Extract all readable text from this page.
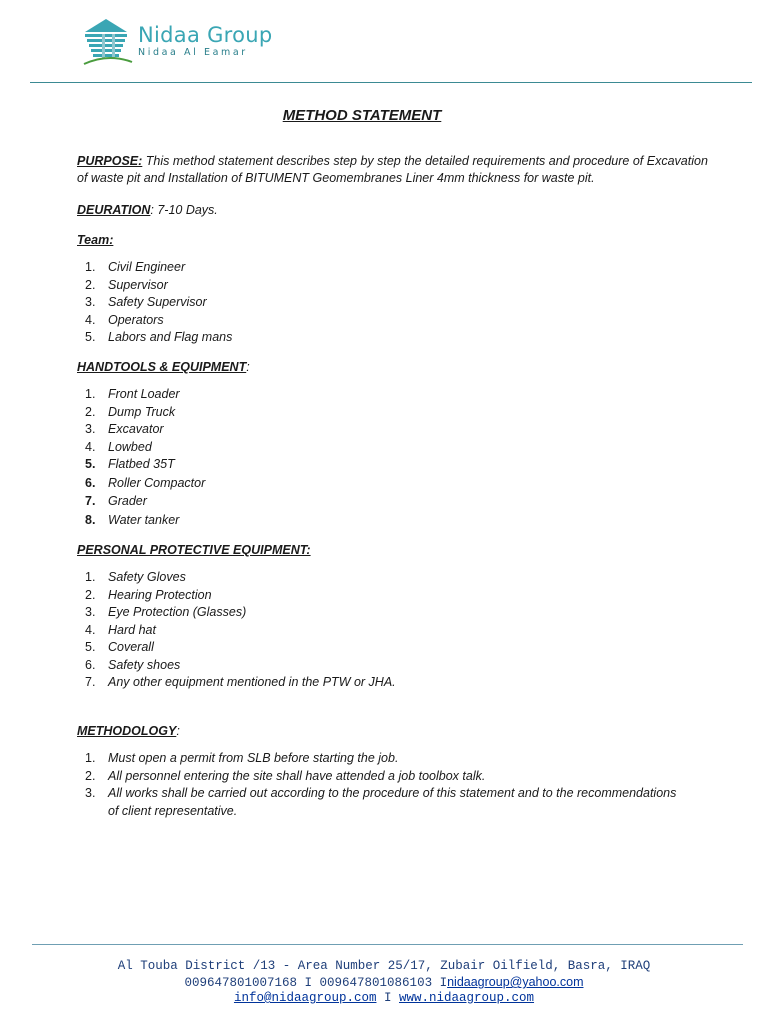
Nidaa Group
Nidaa Al Eamar
METHOD STATEMENT
PURPOSE: This method statement describes step by step the detailed requirements and procedure of Excavation
of waste pit and Installation of BITUMENT Geomembranes Liner 4mm thickness for waste pit.
DEURATION: 7-10 Days.
Team:
1. Civil Engineer
2. Supervisor
3. Safety Supervisor
4. Operators
5. Labors and Flag mans
HANDTOOLS & EQUIPMENT:
1. Front Loader
2. Dump Truck
3. Excavator
4. Lowbed
5. Flatbed 35T
6. Roller Compactor
7. Grader
8. Water tanker
PERSONAL PROTECTIVE EQUIPMENT:
1. Safety Gloves
2. Hearing Protection
3. Eye Protection (Glasses)
4. Hard hat
5. Coverall
6. Safety shoes
7. Any other equipment mentioned in the PTW or JHA.
METHODOLOGY:
1. Must open a permit from SLB before starting the job.
2. All personnel entering the site shall have attended a job toolbox talk.
3. All works shall be carried out according to the procedure of this statement and to the recommendations
of client representative.
Al Touba District /13 - Area Number 25/17, Zubair Oilfield, Basra, IRAQ
009647801007168 I 009647801086103 Inidaagroup@yahoo.com
info@nidaagroup.com I www.nidaagroup.com
